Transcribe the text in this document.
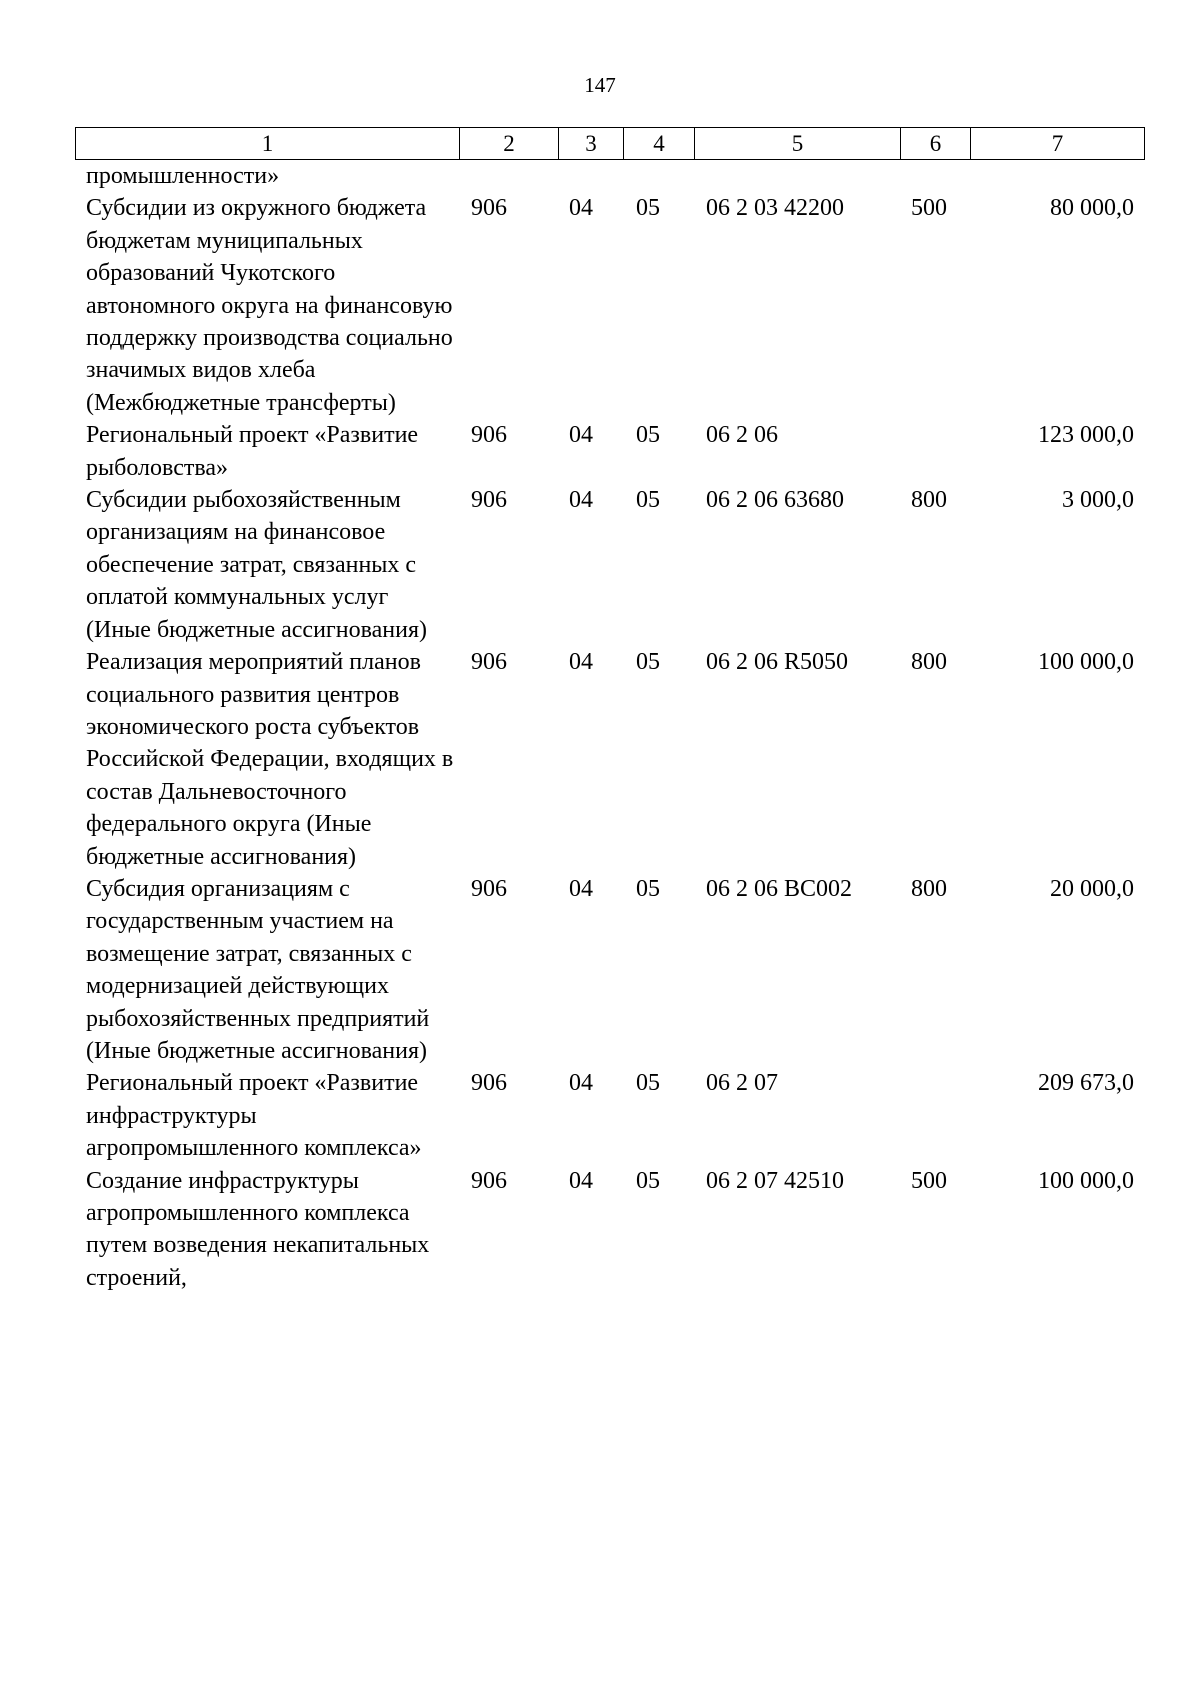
147
1	2	3	4	5	6	7
промышленности»						
Субсидии из окружного бюджета бюджетам муниципальных образований Чукотского автономного округа на финансовую поддержку производства социально значимых видов хлеба (Межбюджетные трансферты)	906	04	05	06 2 03 42200	500	80 000,0
Региональный проект «Развитие рыболовства»	906	04	05	06 2 06		123 000,0
Субсидии рыбохозяйственным организациям на финансовое обеспечение затрат, связанных с оплатой коммунальных услуг (Иные бюджетные ассигнования)	906	04	05	06 2 06 63680	800	3 000,0
Реализация мероприятий планов социального развития центров экономического роста субъектов Российской Федерации, входящих в состав Дальневосточного федерального округа (Иные бюджетные ассигнования)	906	04	05	06 2 06 R5050	800	100 000,0
Субсидия организациям с государственным участием на возмещение затрат, связанных с модернизацией действующих рыбохозяйственных предприятий (Иные бюджетные ассигнования)	906	04	05	06 2 06 ВС002	800	20 000,0
Региональный проект «Развитие инфраструктуры агропромышленного комплекса»	906	04	05	06 2 07		209 673,0
Создание инфраструктуры агропромышленного комплекса путем возведения некапитальных строений,	906	04	05	06 2 07 42510	500	100 000,0
